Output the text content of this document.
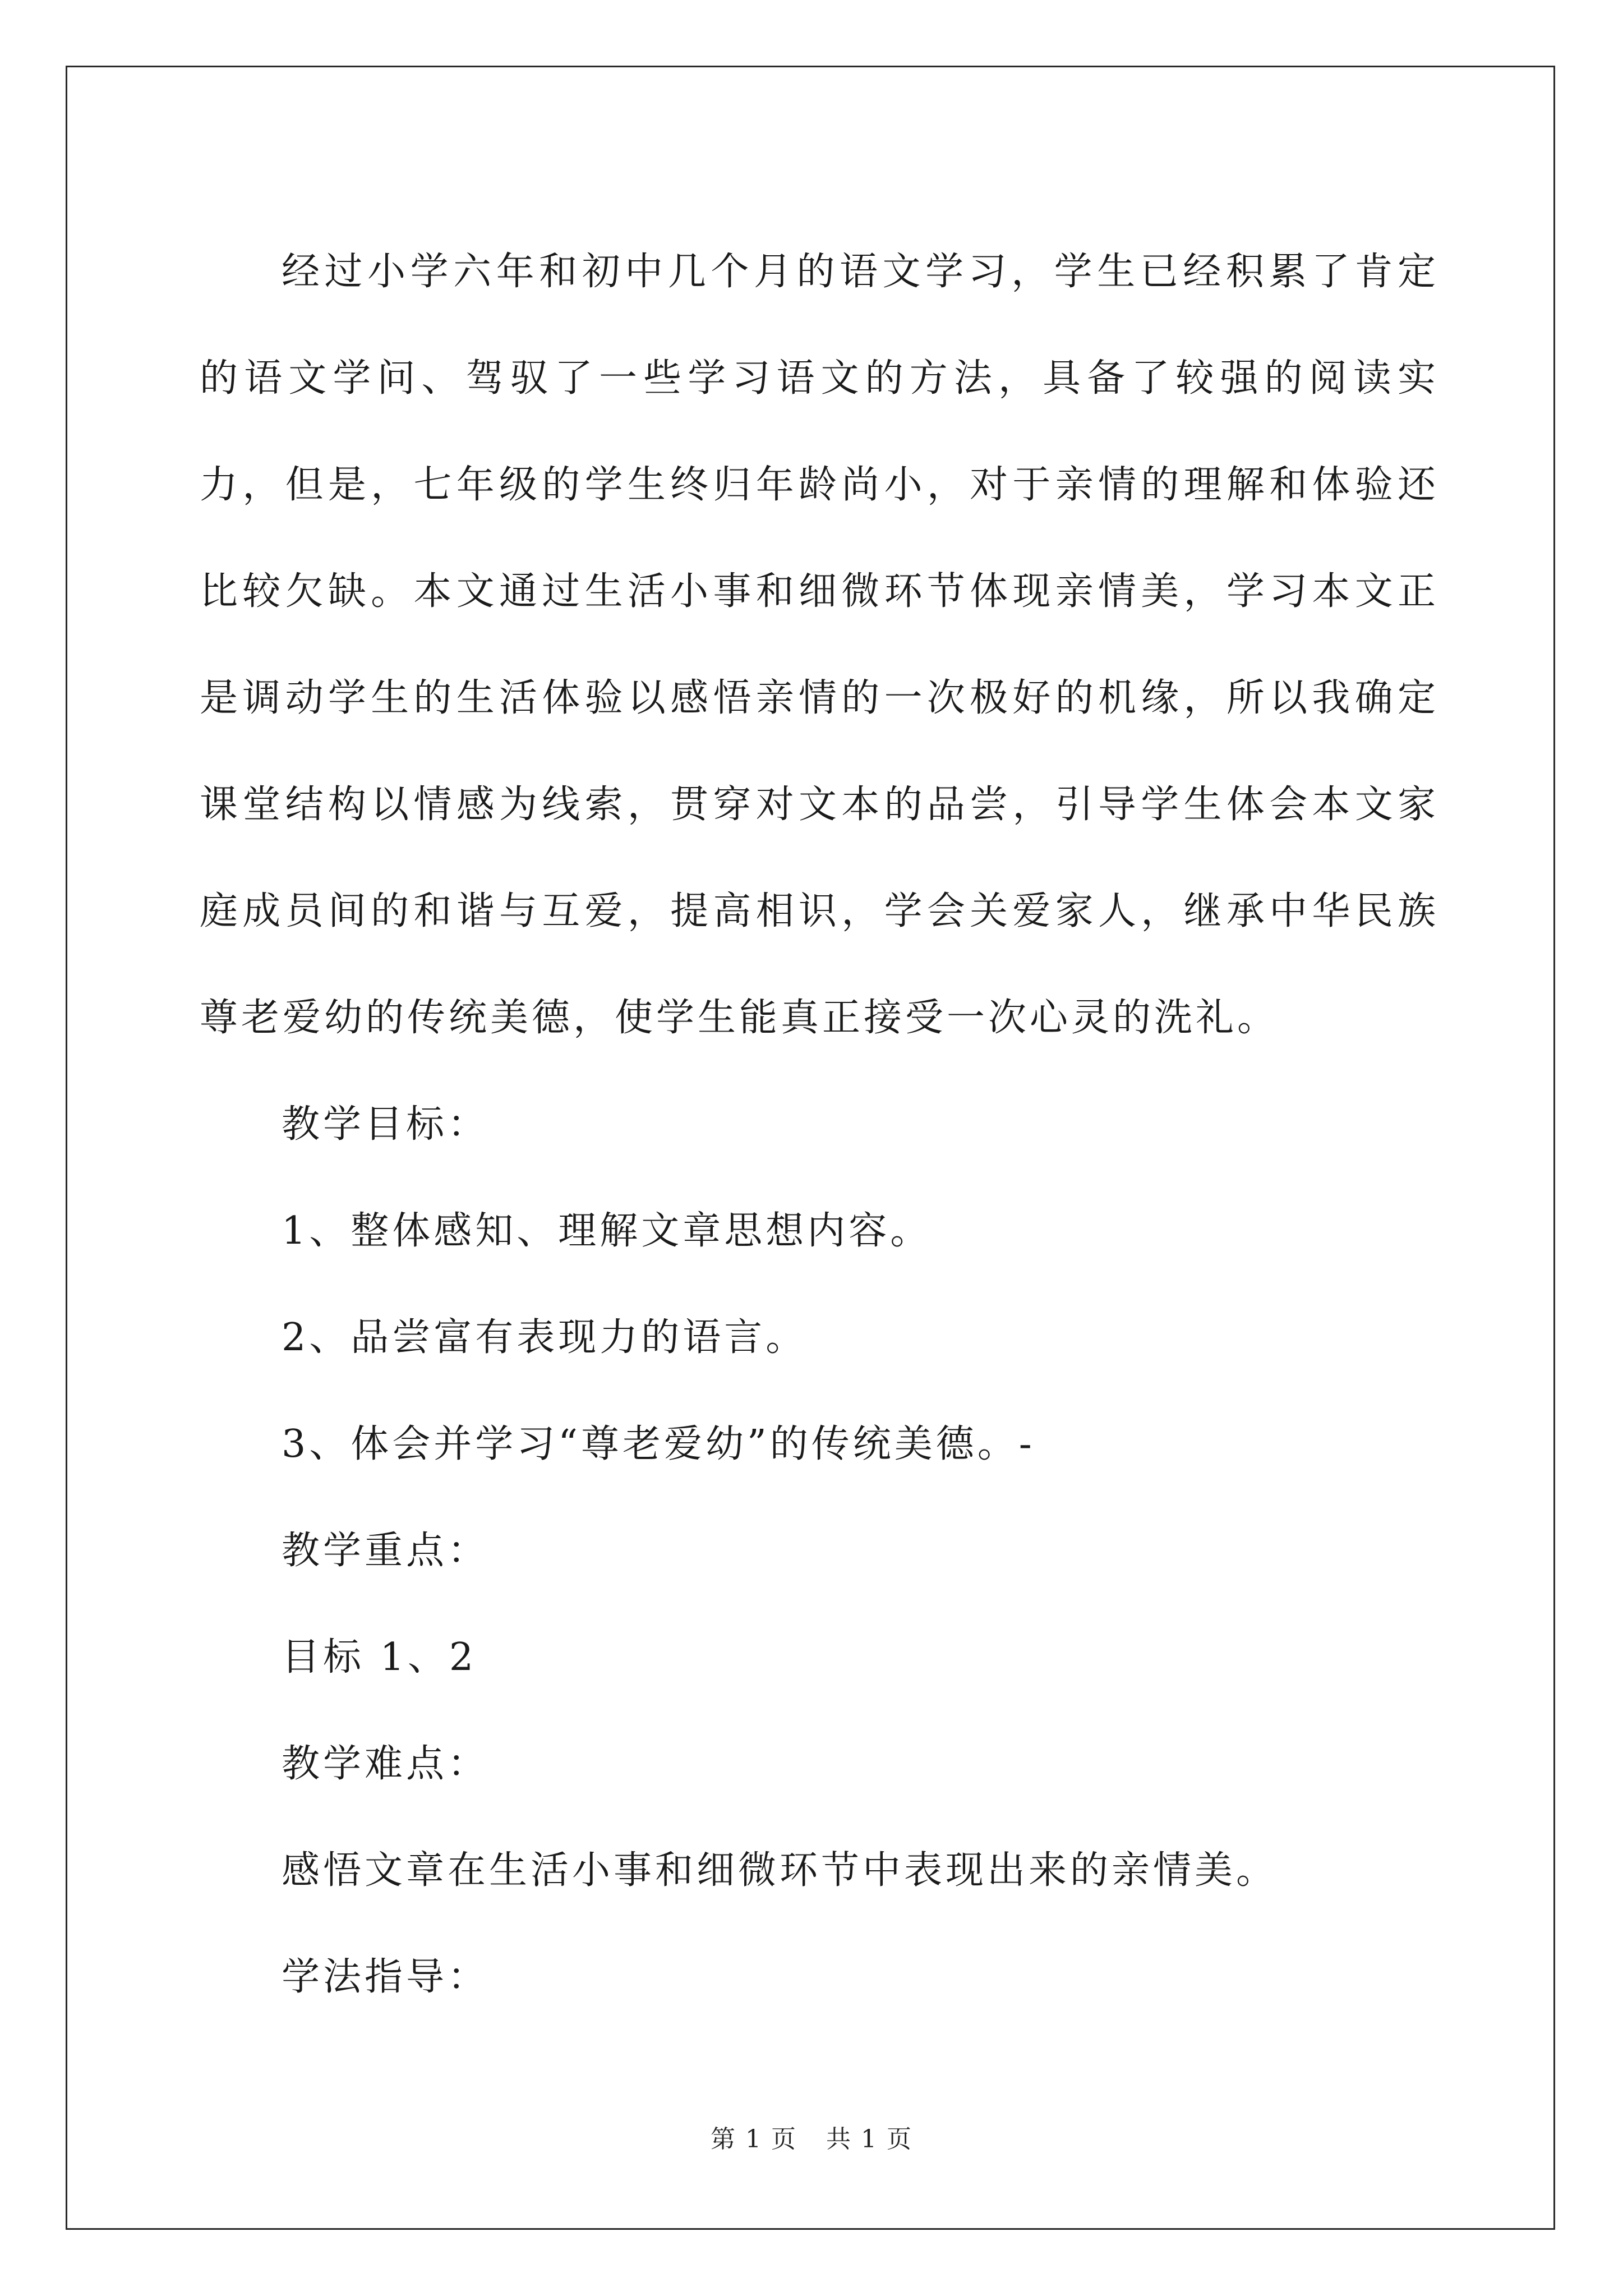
经过小学六年和初中几个月的语文学习，学生已经积累了肯定的语文学问、驾驭了一些学习语文的方法，具备了较强的阅读实力，但是，七年级的学生终归年龄尚小，对于亲情的理解和体验还比较欠缺。本文通过生活小事和细微环节体现亲情美，学习本文正是调动学生的生活体验以感悟亲情的一次极好的机缘，所以我确定课堂结构以情感为线索，贯穿对文本的品尝，引导学生体会本文家庭成员间的和谐与互爱，提高相识，学会关爱家人，继承中华民族尊老爱幼的传统美德，使学生能真正接受一次心灵的洗礼。

教学目标：

1、整体感知、理解文章思想内容。

2、品尝富有表现力的语言。

3、体会并学习“尊老爱幼”的传统美德。-

教学重点：

目标 1、2

教学难点：

感悟文章在生活小事和细微环节中表现出来的亲情美。

学法指导：

第 1 页 共 1 页
